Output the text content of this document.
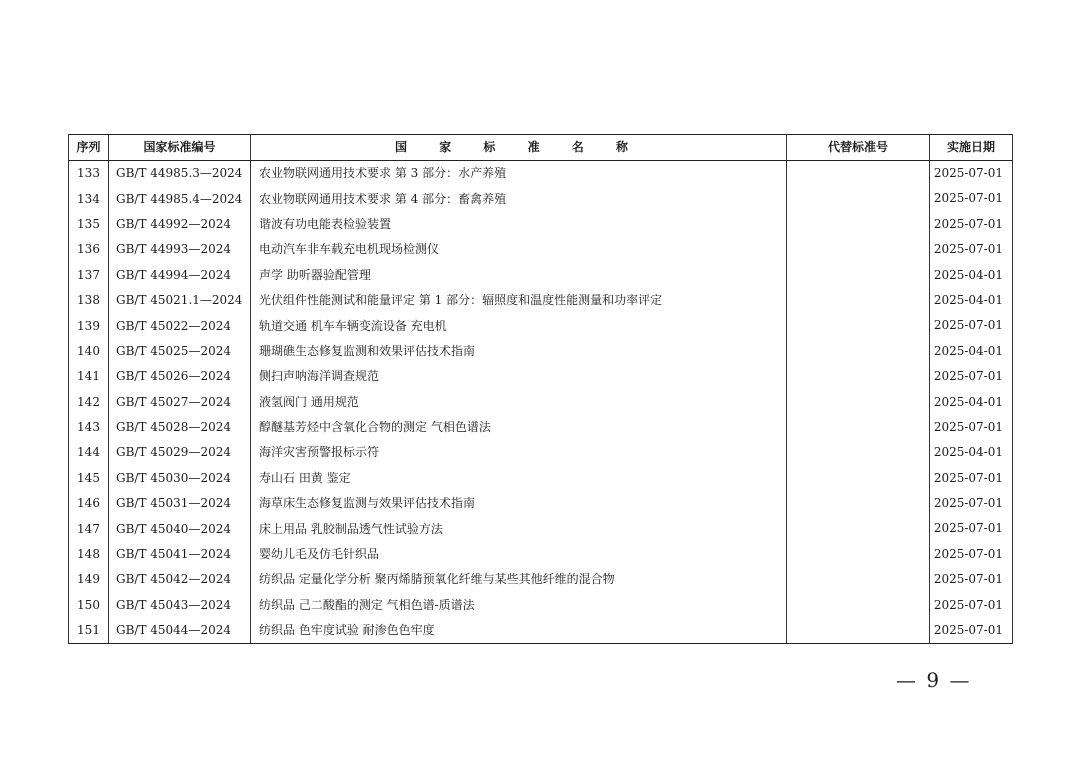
序列	国家标准编号	国 家 标 准 名 称	代替标准号	实施日期
133	GB/T 44985.3—2024	农业物联网通用技术要求 第 3 部分：水产养殖		2025-07-01
134	GB/T 44985.4—2024	农业物联网通用技术要求 第 4 部分：畜禽养殖		2025-07-01
135	GB/T 44992—2024	谐波有功电能表检验装置		2025-07-01
136	GB/T 44993—2024	电动汽车非车载充电机现场检测仪		2025-07-01
137	GB/T 44994—2024	声学 助听器验配管理		2025-04-01
138	GB/T 45021.1—2024	光伏组件性能测试和能量评定 第 1 部分：辐照度和温度性能测量和功率评定		2025-04-01
139	GB/T 45022—2024	轨道交通 机车车辆变流设备 充电机		2025-07-01
140	GB/T 45025—2024	珊瑚礁生态修复监测和效果评估技术指南		2025-04-01
141	GB/T 45026—2024	侧扫声呐海洋调查规范		2025-07-01
142	GB/T 45027—2024	液氢阀门 通用规范		2025-04-01
143	GB/T 45028—2024	醇醚基芳烃中含氧化合物的测定 气相色谱法		2025-07-01
144	GB/T 45029—2024	海洋灾害预警报标示符		2025-04-01
145	GB/T 45030—2024	寿山石 田黄 鉴定		2025-07-01
146	GB/T 45031—2024	海草床生态修复监测与效果评估技术指南		2025-07-01
147	GB/T 45040—2024	床上用品 乳胶制品透气性试验方法		2025-07-01
148	GB/T 45041—2024	婴幼儿毛及仿毛针织品		2025-07-01
149	GB/T 45042—2024	纺织品 定量化学分析 聚丙烯腈预氧化纤维与某些其他纤维的混合物		2025-07-01
150	GB/T 45043—2024	纺织品 己二酸酯的测定 气相色谱-质谱法		2025-07-01
151	GB/T 45044—2024	纺织品 色牢度试验 耐渗色色牢度		2025-07-01
— 9 —
